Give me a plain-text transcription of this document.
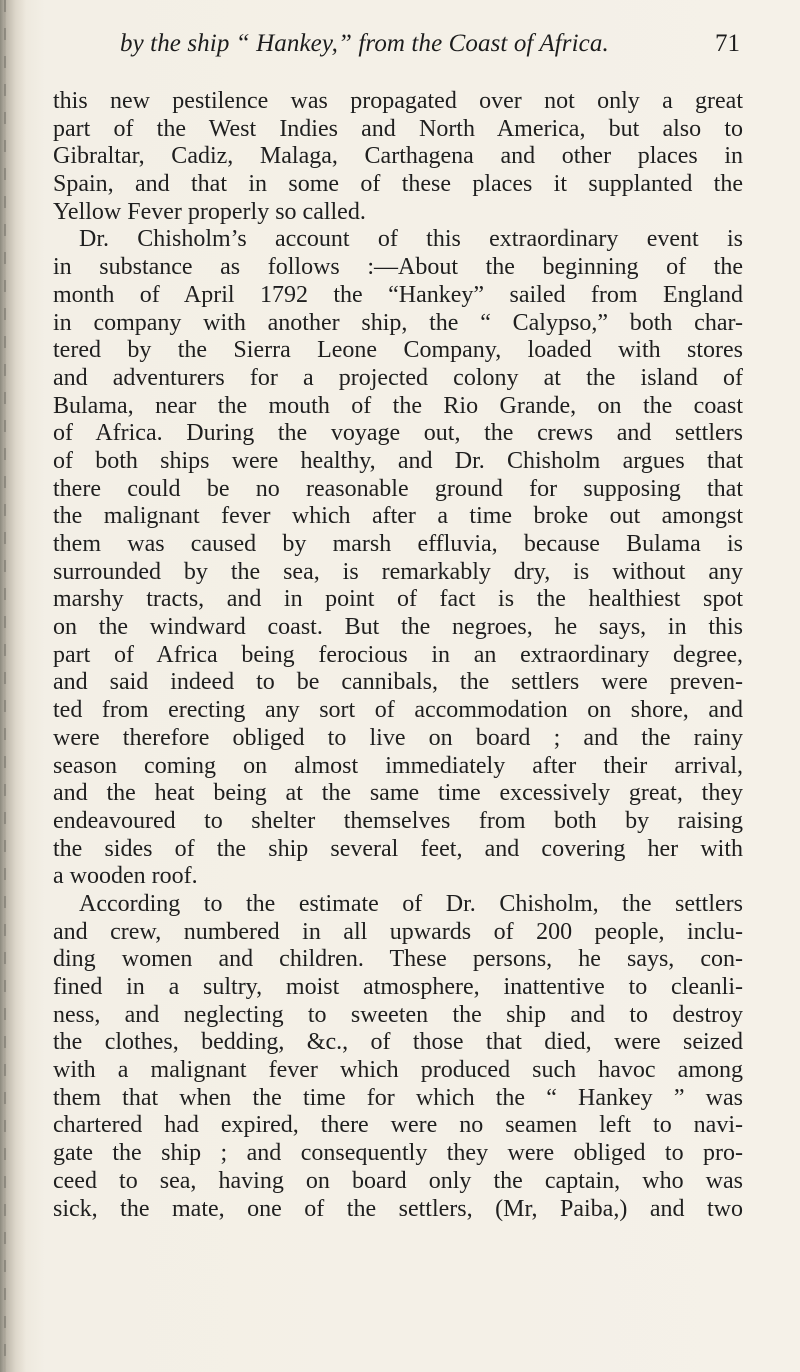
by the ship “ Hankey,” from the Coast of Africa.	71
this new pestilence was propagated over not only a great
part of the West Indies and North America, but also to
Gibraltar, Cadiz, Malaga, Carthagena and other places in
Spain, and that in some of these places it supplanted the
Yellow Fever properly so called.
Dr. Chisholm’s account of this extraordinary event is
in substance as follows :—About the beginning of the
month of April 1792 the “Hankey” sailed from England
in company with another ship, the “ Calypso,” both char-
tered by the Sierra Leone Company, loaded with stores
and adventurers for a projected colony at the island of
Bulama, near the mouth of the Rio Grande, on the coast
of Africa. During the voyage out, the crews and settlers
of both ships were healthy, and Dr. Chisholm argues that
there could be no reasonable ground for supposing that
the malignant fever which after a time broke out amongst
them was caused by marsh effluvia, because Bulama is
surrounded by the sea, is remarkably dry, is without any
marshy tracts, and in point of fact is the healthiest spot
on the windward coast. But the negroes, he says, in this
part of Africa being ferocious in an extraordinary degree,
and said indeed to be cannibals, the settlers were preven-
ted from erecting any sort of accommodation on shore, and
were therefore obliged to live on board ; and the rainy
season coming on almost immediately after their arrival,
and the heat being at the same time excessively great, they
endeavoured to shelter themselves from both by raising
the sides of the ship several feet, and covering her with
a wooden roof.
According to the estimate of Dr. Chisholm, the settlers
and crew, numbered in all upwards of 200 people, inclu-
ding women and children. These persons, he says, con-
fined in a sultry, moist atmosphere, inattentive to cleanli-
ness, and neglecting to sweeten the ship and to destroy
the clothes, bedding, &c., of those that died, were seized
with a malignant fever which produced such havoc among
them that when the time for which the “ Hankey ” was
chartered had expired, there were no seamen left to navi-
gate the ship ; and consequently they were obliged to pro-
ceed to sea, having on board only the captain, who was
sick, the mate, one of the settlers, (Mr, Paiba,) and two
